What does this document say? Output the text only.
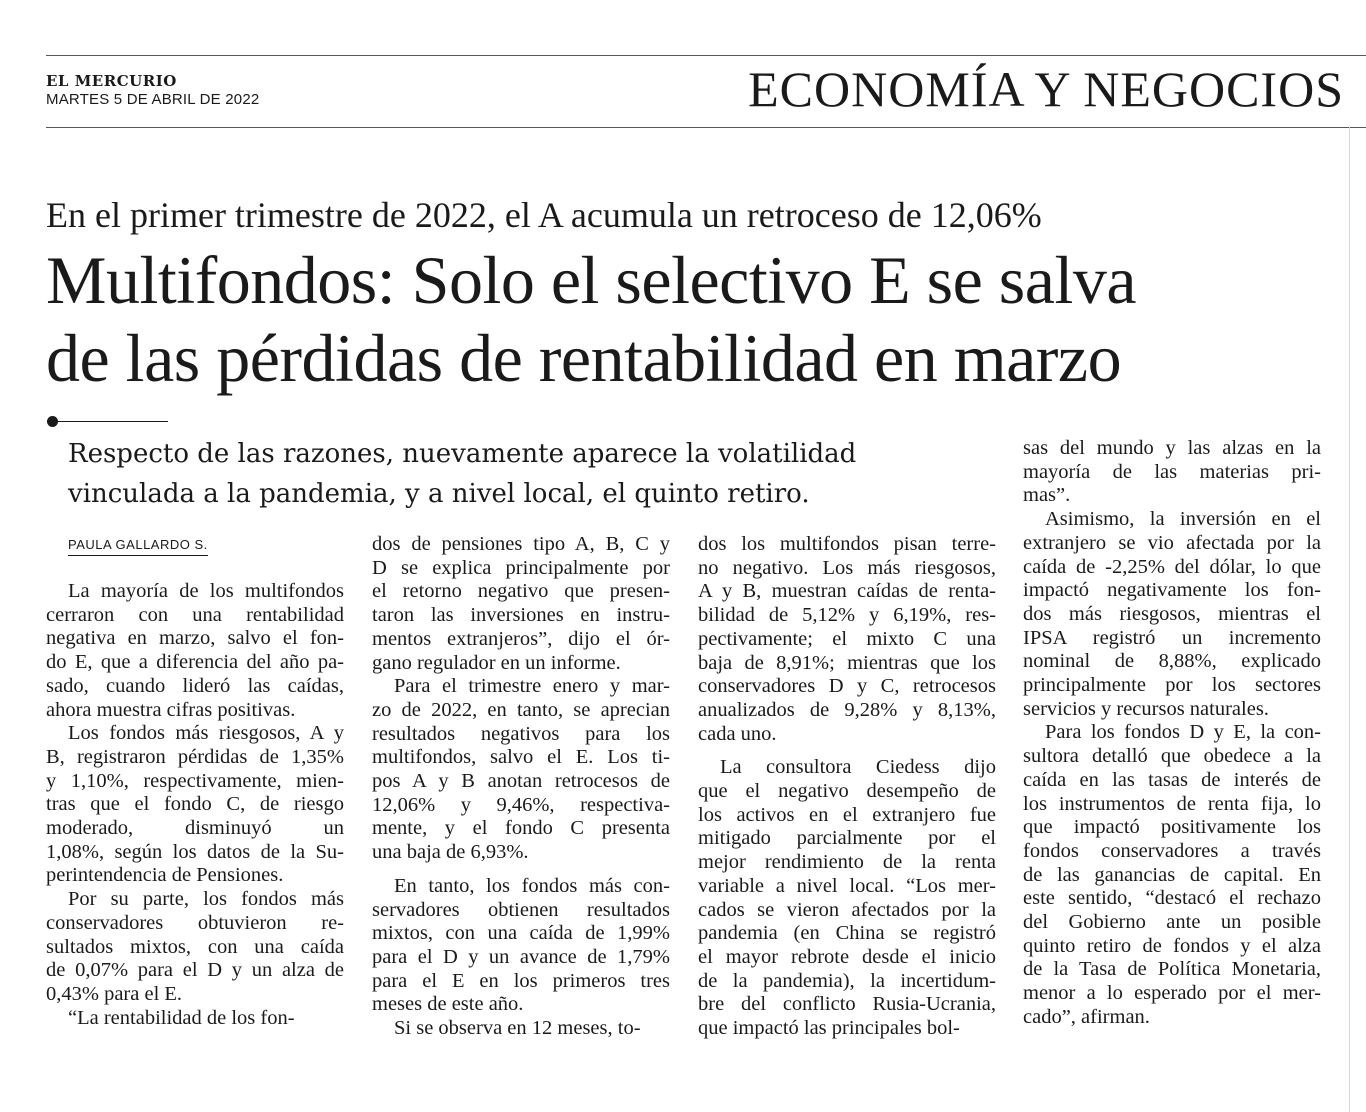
EL MERCURIO
MARTES 5 DE ABRIL DE 2022	ECONOMÍA Y NEGOCIOS
En el primer trimestre de 2022, el A acumula un retroceso de 12,06%
Multifondos: Solo el selectivo E se salva
de las pérdidas de rentabilidad en marzo
Respecto de las razones, nuevamente aparece la volatilidad
vinculada a la pandemia, y a nivel local, el quinto retiro.
PAULA GALLARDO S.
La mayoría de los multifondos
cerraron con una rentabilidad
negativa en marzo, salvo el fon-
do E, que a diferencia del año pa-
sado, cuando lideró las caídas,
ahora muestra cifras positivas.
Los fondos más riesgosos, A y
B, registraron pérdidas de 1,35%
y 1,10%, respectivamente, mien-
tras que el fondo C, de riesgo
moderado, disminuyó un
1,08%, según los datos de la Su-
perintendencia de Pensiones.
Por su parte, los fondos más
conservadores obtuvieron re-
sultados mixtos, con una caída
de 0,07% para el D y un alza de
0,43% para el E.
“La rentabilidad de los fon-
dos de pensiones tipo A, B, C y
D se explica principalmente por
el retorno negativo que presen-
taron las inversiones en instru-
mentos extranjeros”, dijo el ór-
gano regulador en un informe.
Para el trimestre enero y mar-
zo de 2022, en tanto, se aprecian
resultados negativos para los
multifondos, salvo el E. Los ti-
pos A y B anotan retrocesos de
12,06% y 9,46%, respectiva-
mente, y el fondo C presenta
una baja de 6,93%.
En tanto, los fondos más con-
servadores obtienen resultados
mixtos, con una caída de 1,99%
para el D y un avance de 1,79%
para el E en los primeros tres
meses de este año.
Si se observa en 12 meses, to-
dos los multifondos pisan terre-
no negativo. Los más riesgosos,
A y B, muestran caídas de renta-
bilidad de 5,12% y 6,19%, res-
pectivamente; el mixto C una
baja de 8,91%; mientras que los
conservadores D y C, retrocesos
anualizados de 9,28% y 8,13%,
cada uno.
La consultora Ciedess dijo
que el negativo desempeño de
los activos en el extranjero fue
mitigado parcialmente por el
mejor rendimiento de la renta
variable a nivel local. “Los mer-
cados se vieron afectados por la
pandemia (en China se registró
el mayor rebrote desde el inicio
de la pandemia), la incertidum-
bre del conflicto Rusia-Ucrania,
que impactó las principales bol-
sas del mundo y las alzas en la
mayoría de las materias pri-
mas”.
Asimismo, la inversión en el
extranjero se vio afectada por la
caída de -2,25% del dólar, lo que
impactó negativamente los fon-
dos más riesgosos, mientras el
IPSA registró un incremento
nominal de 8,88%, explicado
principalmente por los sectores
servicios y recursos naturales.
Para los fondos D y E, la con-
sultora detalló que obedece a la
caída en las tasas de interés de
los instrumentos de renta fija, lo
que impactó positivamente los
fondos conservadores a través
de las ganancias de capital. En
este sentido, “destacó el rechazo
del Gobierno ante un posible
quinto retiro de fondos y el alza
de la Tasa de Política Monetaria,
menor a lo esperado por el mer-
cado”, afirman.
